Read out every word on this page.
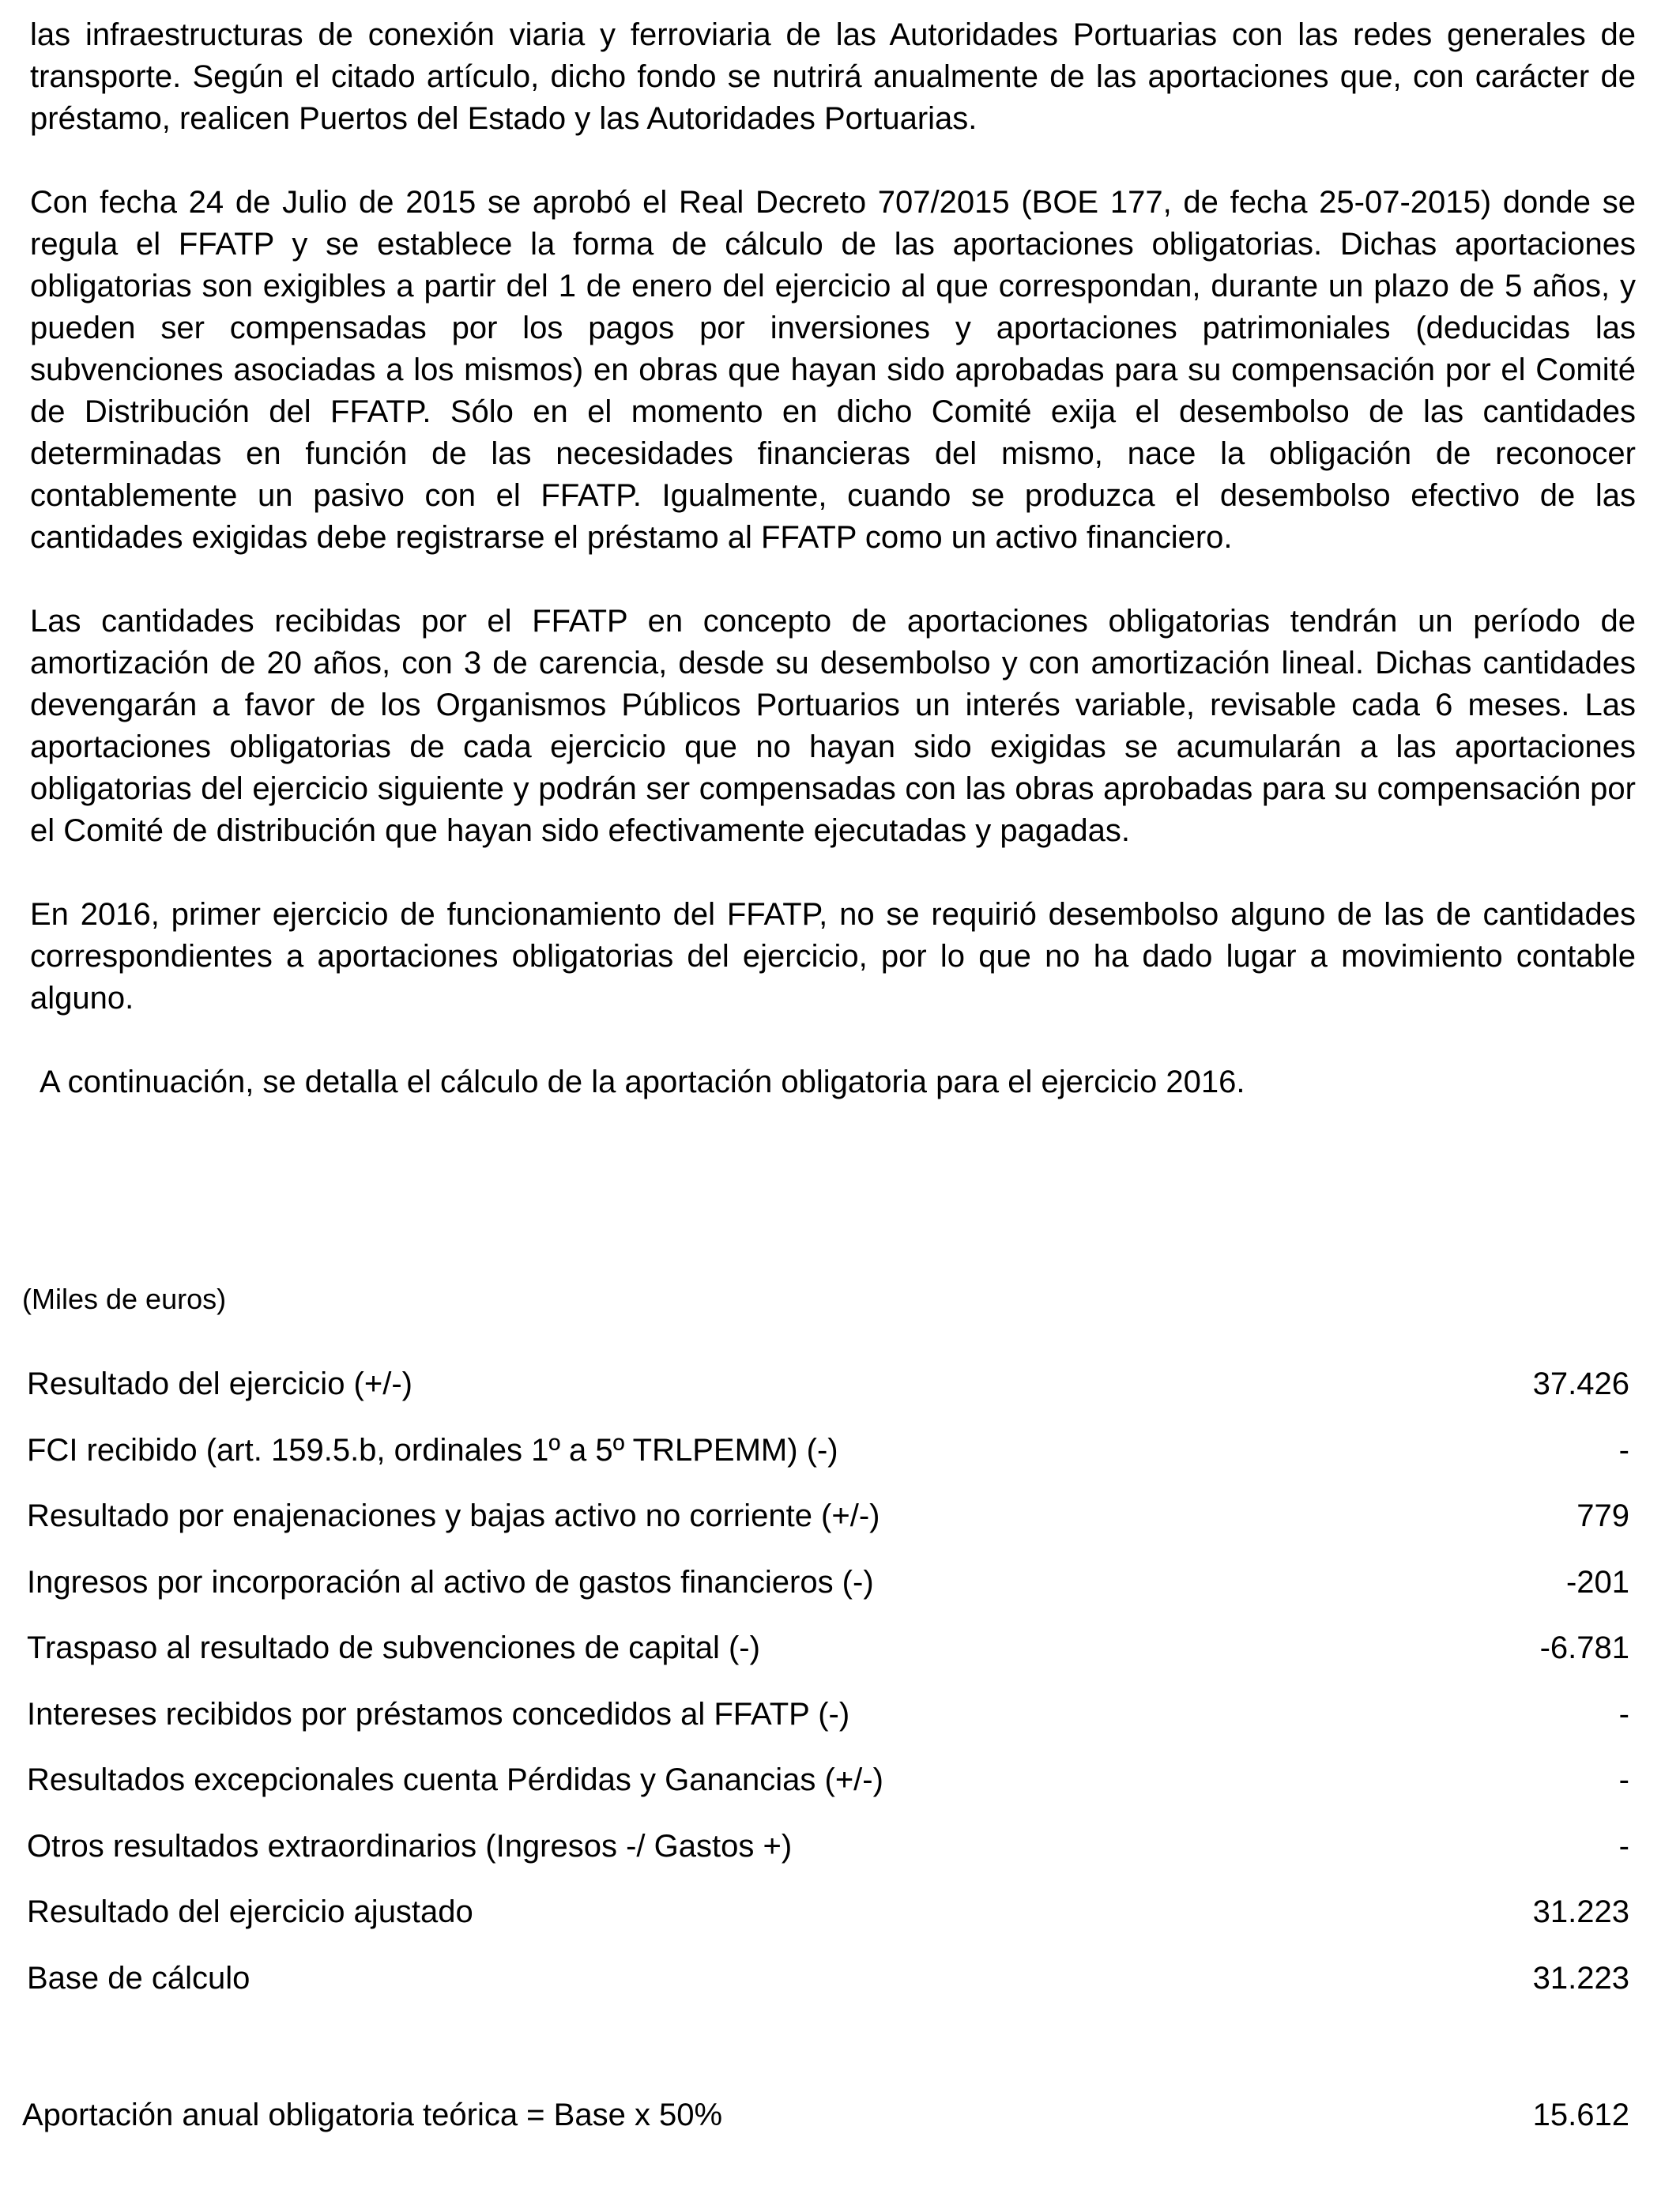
las infraestructuras de conexión viaria y ferroviaria de las Autoridades Portuarias con las redes generales de transporte. Según el citado artículo, dicho fondo se nutrirá anualmente de las aportaciones que, con carácter de préstamo, realicen Puertos del Estado y las Autoridades Portuarias.

Con fecha 24 de Julio de 2015 se aprobó el Real Decreto 707/2015 (BOE 177, de fecha 25-07-2015) donde se regula el FFATP y se establece la forma de cálculo de las aportaciones obligatorias. Dichas aportaciones obligatorias son exigibles a partir del 1 de enero del ejercicio al que correspondan, durante un plazo de 5 años, y pueden ser compensadas por los pagos por inversiones y aportaciones patrimoniales (deducidas las subvenciones asociadas a los mismos) en obras que hayan sido aprobadas para su compensación por el Comité de Distribución del FFATP. Sólo en el momento en dicho Comité exija el desembolso de las cantidades determinadas en función de las necesidades financieras del mismo, nace la obligación de reconocer contablemente un pasivo con el FFATP. Igualmente, cuando se produzca el desembolso efectivo de las cantidades exigidas debe registrarse el préstamo al FFATP como un activo financiero.

Las cantidades recibidas por el FFATP en concepto de aportaciones obligatorias tendrán un período de amortización de 20 años, con 3 de carencia, desde su desembolso y con amortización lineal. Dichas cantidades devengarán a favor de los Organismos Públicos Portuarios un interés variable, revisable cada 6 meses. Las aportaciones obligatorias de cada ejercicio que no hayan sido exigidas se acumularán a las aportaciones obligatorias del ejercicio siguiente y podrán ser compensadas con las obras aprobadas para su compensación por el Comité de distribución que hayan sido efectivamente ejecutadas y pagadas.

En 2016, primer ejercicio de funcionamiento del FFATP, no se requirió desembolso alguno de las de cantidades correspondientes a aportaciones obligatorias del ejercicio, por lo que no ha dado lugar a movimiento contable alguno.

A continuación, se detalla el cálculo de la aportación obligatoria para el ejercicio 2016.

(Miles de euros)
Resultado del ejercicio (+/-)	37.426
FCI recibido (art. 159.5.b, ordinales 1º a 5º TRLPEMM) (-)	-
Resultado por enajenaciones y bajas activo no corriente (+/-)	779
Ingresos por incorporación al activo de gastos financieros (-)	-201
Traspaso al resultado de subvenciones de capital (-)	-6.781
Intereses recibidos por préstamos concedidos al FFATP (-)	-
Resultados excepcionales cuenta Pérdidas y Ganancias (+/-)	-
Otros resultados extraordinarios (Ingresos -/ Gastos +)	-
Resultado del ejercicio ajustado	31.223
Base de cálculo	31.223
Aportación anual obligatoria teórica = Base x 50%	15.612
